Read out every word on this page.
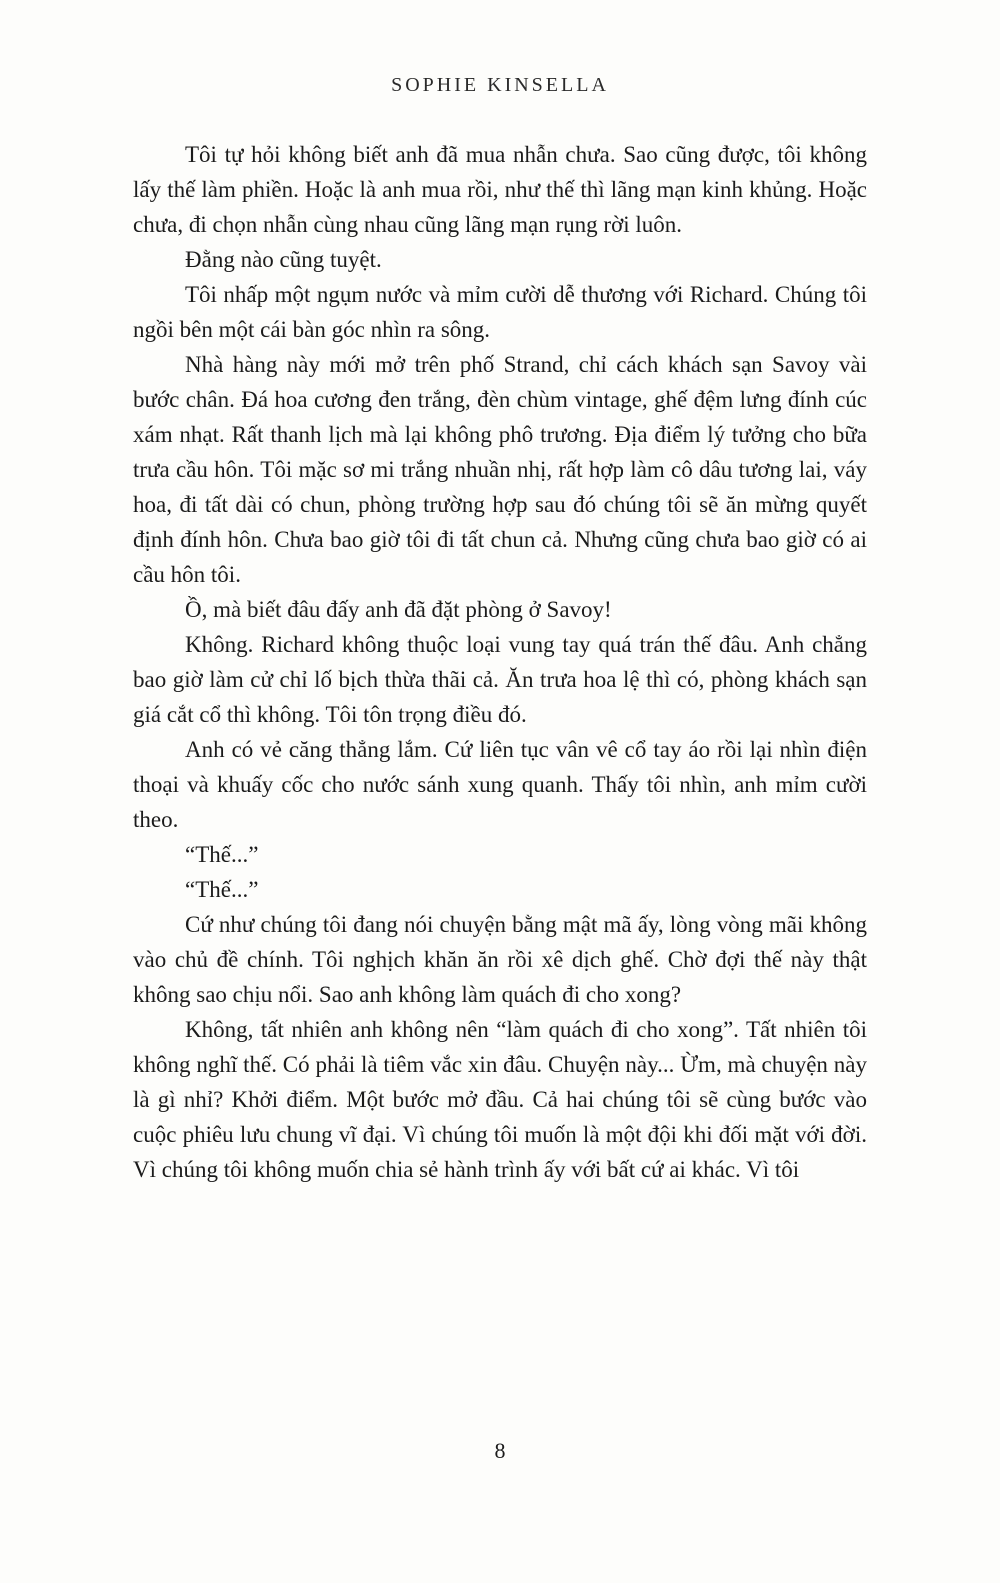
SOPHIE KINSELLA

Tôi tự hỏi không biết anh đã mua nhẫn chưa. Sao cũng được, tôi không lấy thế làm phiền. Hoặc là anh mua rồi, như thế thì lãng mạn kinh khủng. Hoặc chưa, đi chọn nhẫn cùng nhau cũng lãng mạn rụng rời luôn.

Đằng nào cũng tuyệt.

Tôi nhấp một ngụm nước và mỉm cười dễ thương với Richard. Chúng tôi ngồi bên một cái bàn góc nhìn ra sông.

Nhà hàng này mới mở trên phố Strand, chỉ cách khách sạn Savoy vài bước chân. Đá hoa cương đen trắng, đèn chùm vintage, ghế đệm lưng đính cúc xám nhạt. Rất thanh lịch mà lại không phô trương. Địa điểm lý tưởng cho bữa trưa cầu hôn. Tôi mặc sơ mi trắng nhuần nhị, rất hợp làm cô dâu tương lai, váy hoa, đi tất dài có chun, phòng trường hợp sau đó chúng tôi sẽ ăn mừng quyết định đính hôn. Chưa bao giờ tôi đi tất chun cả. Nhưng cũng chưa bao giờ có ai cầu hôn tôi.

Ồ, mà biết đâu đấy anh đã đặt phòng ở Savoy!

Không. Richard không thuộc loại vung tay quá trán thế đâu. Anh chẳng bao giờ làm cử chỉ lố bịch thừa thãi cả. Ăn trưa hoa lệ thì có, phòng khách sạn giá cắt cổ thì không. Tôi tôn trọng điều đó.

Anh có vẻ căng thẳng lắm. Cứ liên tục vân vê cổ tay áo rồi lại nhìn điện thoại và khuấy cốc cho nước sánh xung quanh. Thấy tôi nhìn, anh mỉm cười theo.

“Thế...”

“Thế...”

Cứ như chúng tôi đang nói chuyện bằng mật mã ấy, lòng vòng mãi không vào chủ đề chính. Tôi nghịch khăn ăn rồi xê dịch ghế. Chờ đợi thế này thật không sao chịu nổi. Sao anh không làm quách đi cho xong?

Không, tất nhiên anh không nên “làm quách đi cho xong”. Tất nhiên tôi không nghĩ thế. Có phải là tiêm vắc xin đâu. Chuyện này... Ừm, mà chuyện này là gì nhỉ? Khởi điểm. Một bước mở đầu. Cả hai chúng tôi sẽ cùng bước vào cuộc phiêu lưu chung vĩ đại. Vì chúng tôi muốn là một đội khi đối mặt với đời. Vì chúng tôi không muốn chia sẻ hành trình ấy với bất cứ ai khác. Vì tôi

8
